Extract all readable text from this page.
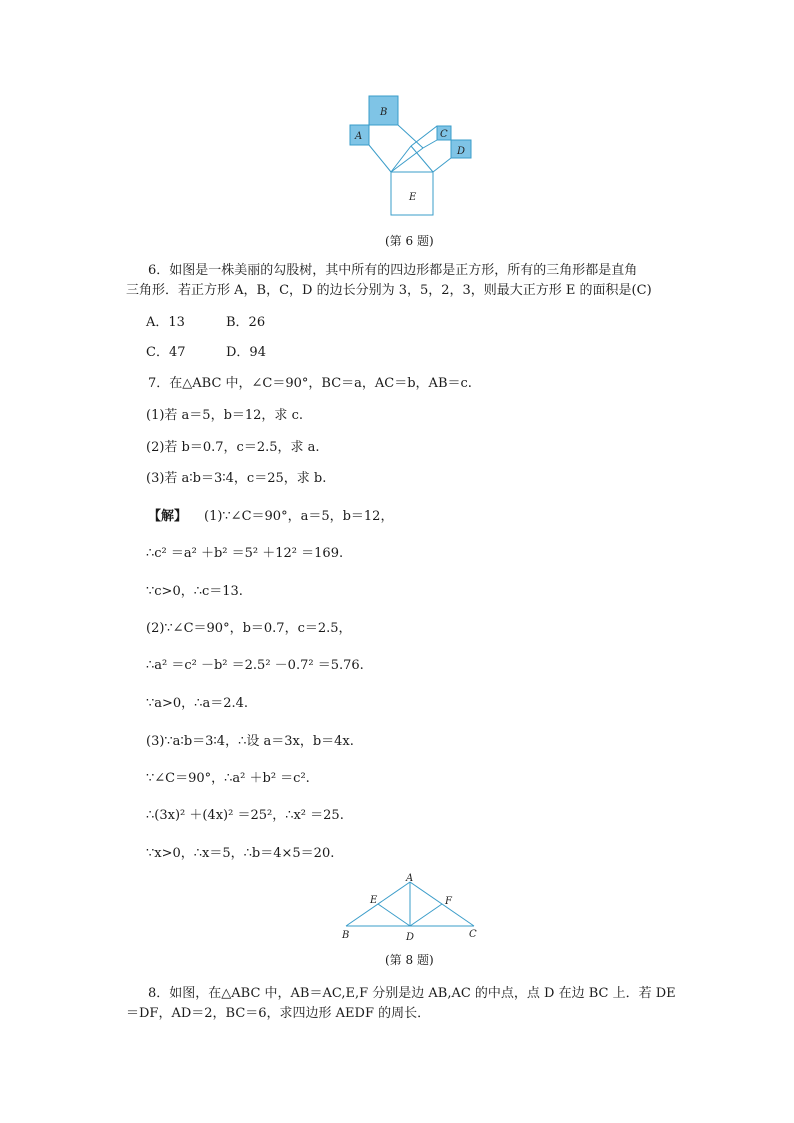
B
A	C
D
E
(第 6 题)
6．如图是一株美丽的勾股树，其中所有的四边形都是正方形，所有的三角形都是直角
三角形．若正方形 A，B，C，D 的边长分别为 3，5，2，3，则最大正方形 E 的面积是(C)
A．13	B．26
C．47	D．94
7．在△ABC 中，∠C＝90°，BC＝a，AC＝b，AB＝c.
(1)若 a＝5，b＝12，求 c.
(2)若 b＝0.7，c＝2.5，求 a.
(3)若 a∶b＝3∶4，c＝25，求 b.
【解】 (1)∵∠C＝90°，a＝5，b＝12，
∴c² ＝a² ＋b² ＝5² ＋12² ＝169.
∵c>0，∴c＝13.
(2)∵∠C＝90°，b＝0.7，c＝2.5，
∴a² ＝c² －b² ＝2.5² －0.7² ＝5.76.
∵a>0，∴a＝2.4.
(3)∵a∶b＝3∶4，∴设 a＝3x，b＝4x.
∵∠C＝90°，∴a² ＋b² ＝c².
∴(3x)² ＋(4x)² ＝25²，∴x² ＝25.
∵x>0，∴x＝5，∴b＝4×5＝20.
A
E	F
B	D	C
(第 8 题)
8．如图，在△ABC 中，AB＝AC,E,F 分别是边 AB,AC 的中点，点 D 在边 BC 上．若 DE
＝DF，AD＝2，BC＝6，求四边形 AEDF 的周长．
